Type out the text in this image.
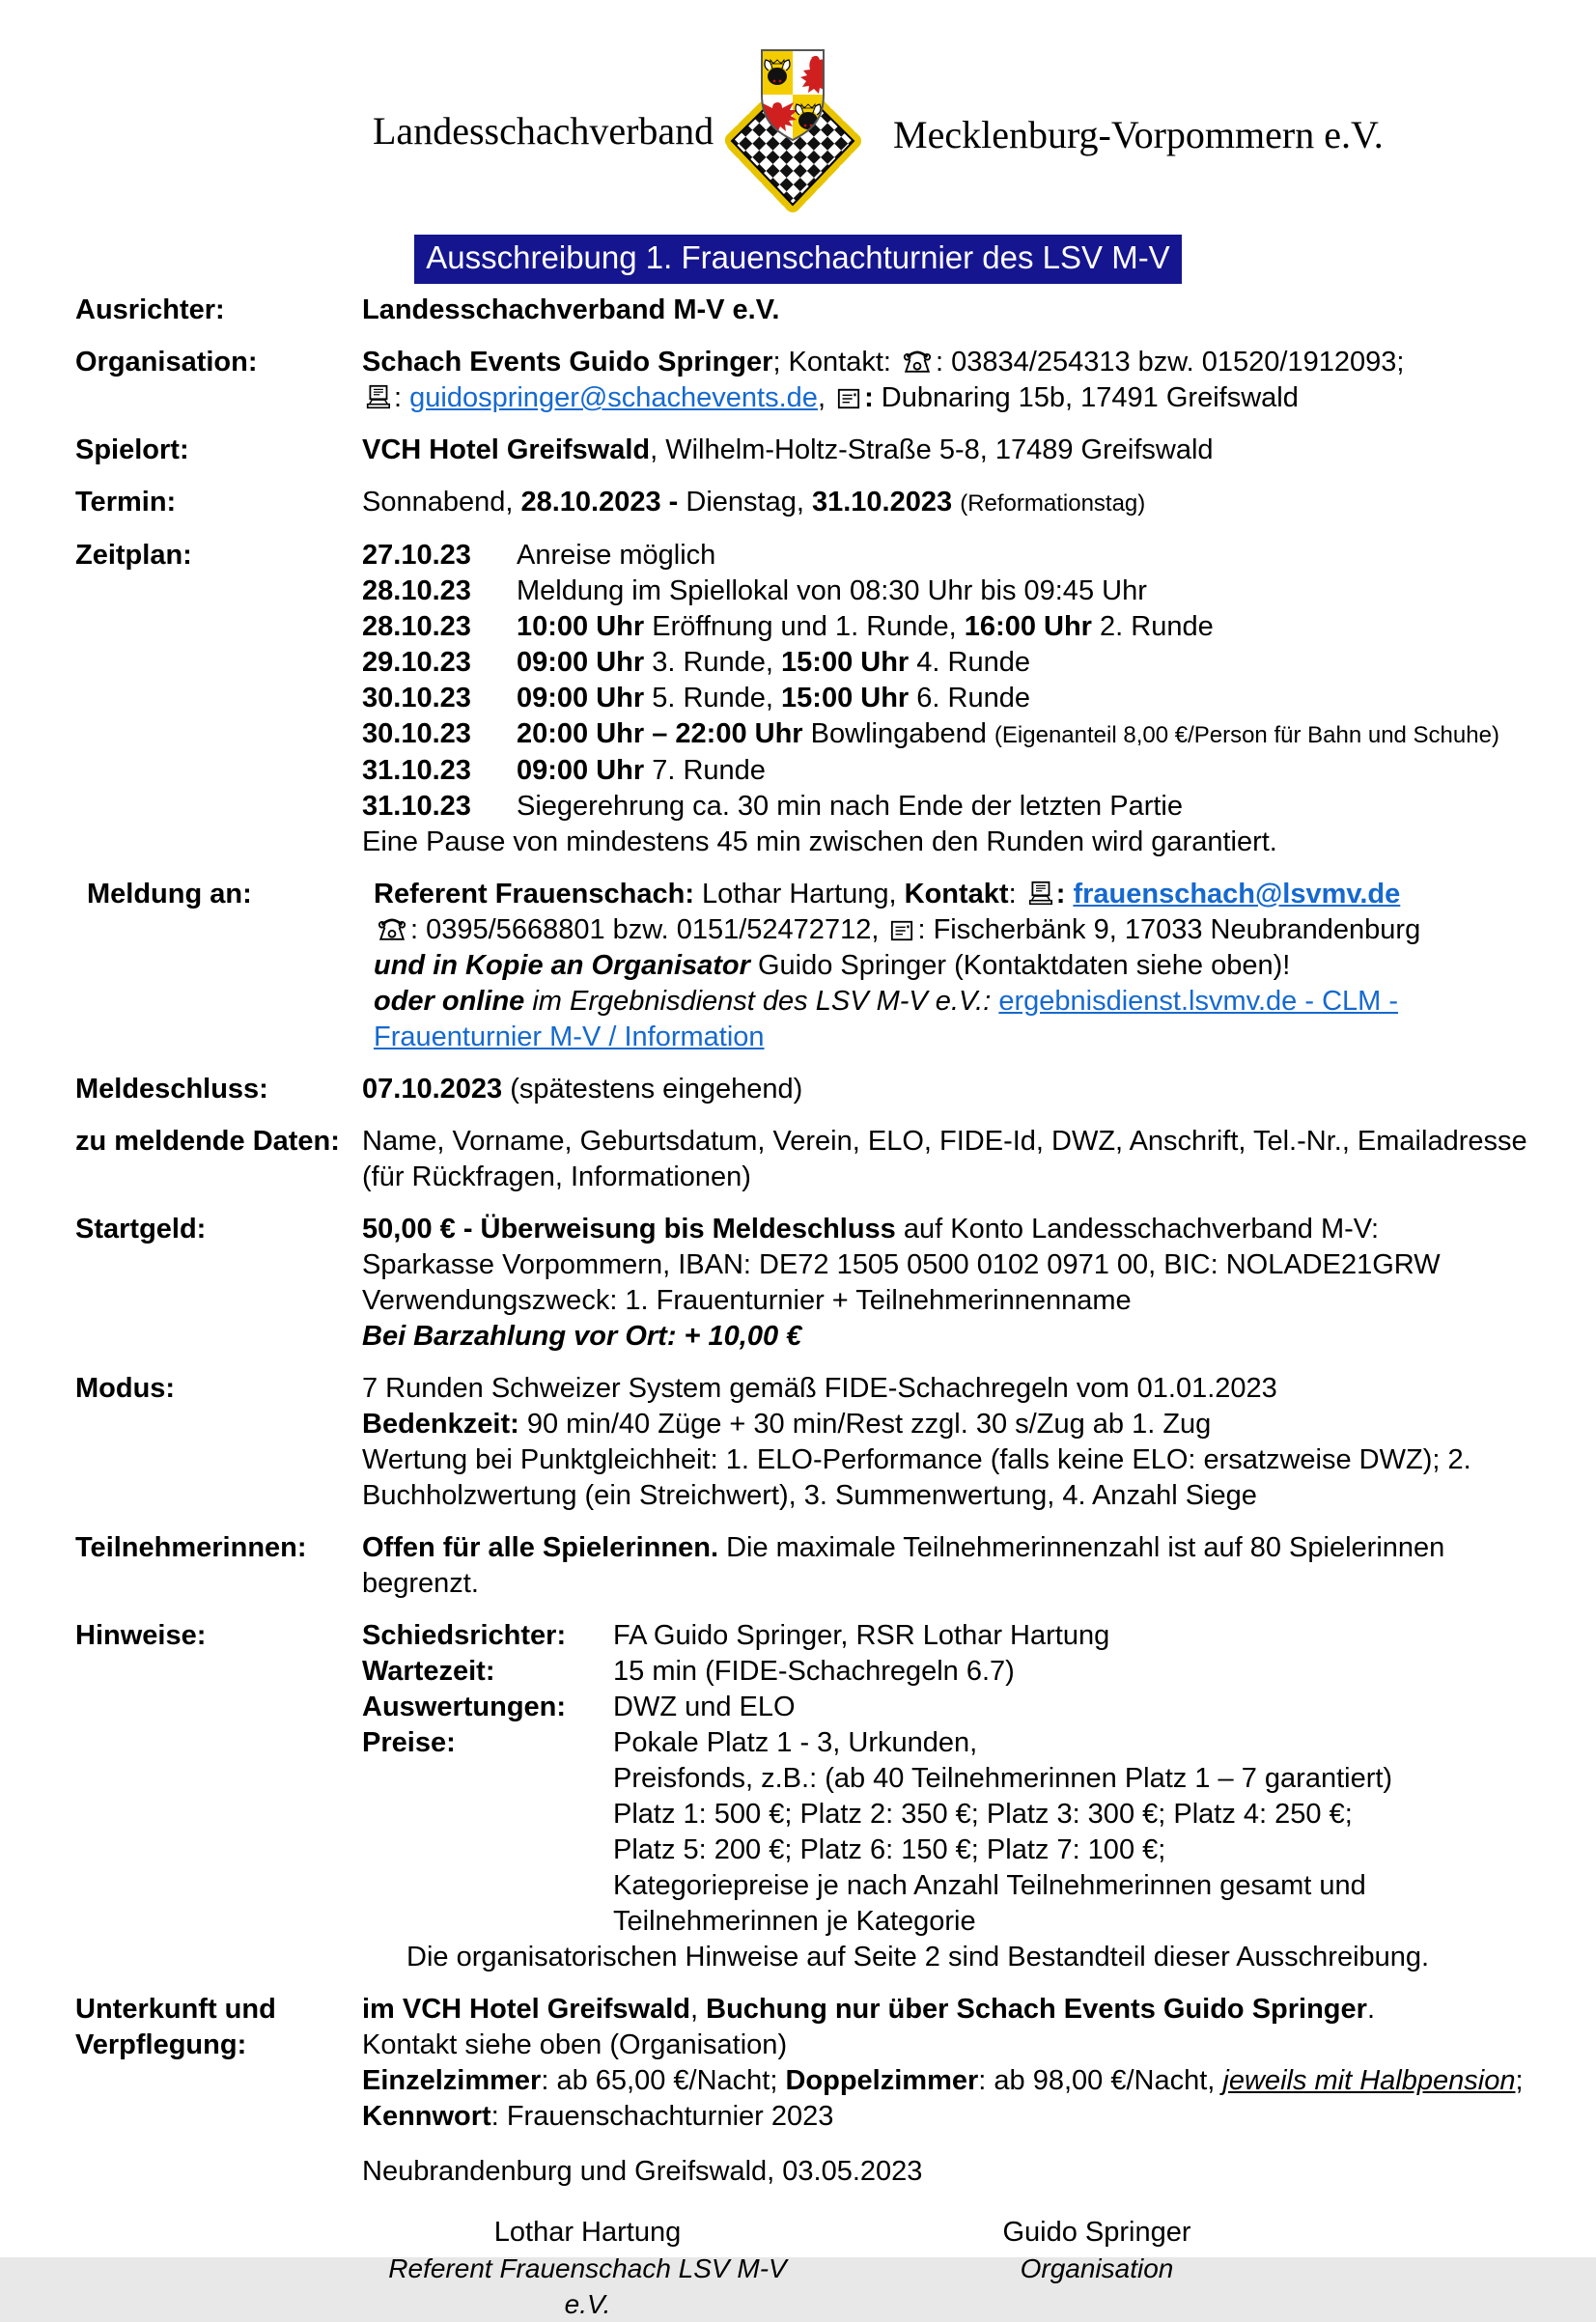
Landesschachverband	Mecklenburg-Vorpommern e.V.
Ausschreibung 1. Frauenschachturnier des LSV M-V
Ausrichter:	Landesschachverband M-V e.V.
Organisation:	Schach Events Guido Springer; Kontakt:
: 03834/254313 bzw. 01520/1912093;
: guidospringer@schachevents.de,
: Dubnaring 15b, 17491 Greifswald
Spielort:	VCH Hotel Greifswald, Wilhelm-Holtz-Straße 5-8, 17489 Greifswald
Termin:	Sonnabend, 28.10.2023 - Dienstag, 31.10.2023 (Reformationstag)
Zeitplan:	27.10.23	Anreise möglich
28.10.23	Meldung im Spiellokal von 08:30 Uhr bis 09:45 Uhr
28.10.23	10:00 Uhr Eröffnung und 1. Runde, 16:00 Uhr 2. Runde
29.10.23	09:00 Uhr 3. Runde, 15:00 Uhr 4. Runde
30.10.23	09:00 Uhr 5. Runde, 15:00 Uhr 6. Runde
30.10.23	20:00 Uhr – 22:00 Uhr Bowlingabend (Eigenanteil 8,00 €/Person für Bahn und Schuhe)
31.10.23	09:00 Uhr 7. Runde
31.10.23	Siegerehrung ca. 30 min nach Ende der letzten Partie
Eine Pause von mindestens 45 min zwischen den Runden wird garantiert.
Meldung an:	Referent Frauenschach: Lothar Hartung, Kontakt:
: frauenschach@lsvmv.de
: 0395/5668801 bzw. 0151/52472712,
: Fischerbänk 9, 17033 Neubrandenburg
und in Kopie an Organisator Guido Springer (Kontaktdaten siehe oben)!
oder online im Ergebnisdienst des LSV M-V e.V.: ergebnisdienst.lsvmv.de - CLM - Frauenturnier M-V / Information
Meldeschluss:	07.10.2023 (spätestens eingehend)
zu meldende Daten: Name, Vorname, Geburtsdatum, Verein, ELO, FIDE-Id, DWZ, Anschrift, Tel.-Nr., Emailadresse (für Rückfragen, Informationen)
Startgeld:	50,00 € - Überweisung bis Meldeschluss auf Konto Landesschachverband M-V:
Sparkasse Vorpommern, IBAN: DE72 1505 0500 0102 0971 00, BIC: NOLADE21GRW
Verwendungszweck: 1. Frauenturnier + Teilnehmerinnenname
Bei Barzahlung vor Ort: + 10,00 €
Modus:	7 Runden Schweizer System gemäß FIDE-Schachregeln vom 01.01.2023
Bedenkzeit: 90 min/40 Züge + 30 min/Rest zzgl. 30 s/Zug ab 1. Zug
Wertung bei Punktgleichheit: 1. ELO-Performance (falls keine ELO: ersatzweise DWZ); 2. Buchholzwertung (ein Streichwert), 3. Summenwertung, 4. Anzahl Siege
Teilnehmerinnen:	Offen für alle Spielerinnen. Die maximale Teilnehmerinnenzahl ist auf 80 Spielerinnen begrenzt.
Hinweise:	Schiedsrichter:	FA Guido Springer, RSR Lothar Hartung
Wartezeit:	15 min (FIDE-Schachregeln 6.7)
Auswertungen:	DWZ und ELO
Preise:	Pokale Platz 1 - 3, Urkunden,
Preisfonds, z.B.: (ab 40 Teilnehmerinnen Platz 1 – 7 garantiert)
Platz 1: 500 €; Platz 2: 350 €; Platz 3: 300 €; Platz 4: 250 €;
Platz 5: 200 €; Platz 6: 150 €; Platz 7: 100 €;
Kategoriepreise je nach Anzahl Teilnehmerinnen gesamt und
Teilnehmerinnen je Kategorie
Die organisatorischen Hinweise auf Seite 2 sind Bestandteil dieser Ausschreibung.
Unterkunft und Verpflegung:
im VCH Hotel Greifswald, Buchung nur über Schach Events Guido Springer.
Kontakt siehe oben (Organisation)
Einzelzimmer: ab 65,00 €/Nacht; Doppelzimmer: ab 98,00 €/Nacht, jeweils mit Halbpension; Kennwort: Frauenschachturnier 2023
Neubrandenburg und Greifswald, 03.05.2023
Lothar Hartung
Referent Frauenschach LSV M-V e.V.
Guido Springer
Organisation
